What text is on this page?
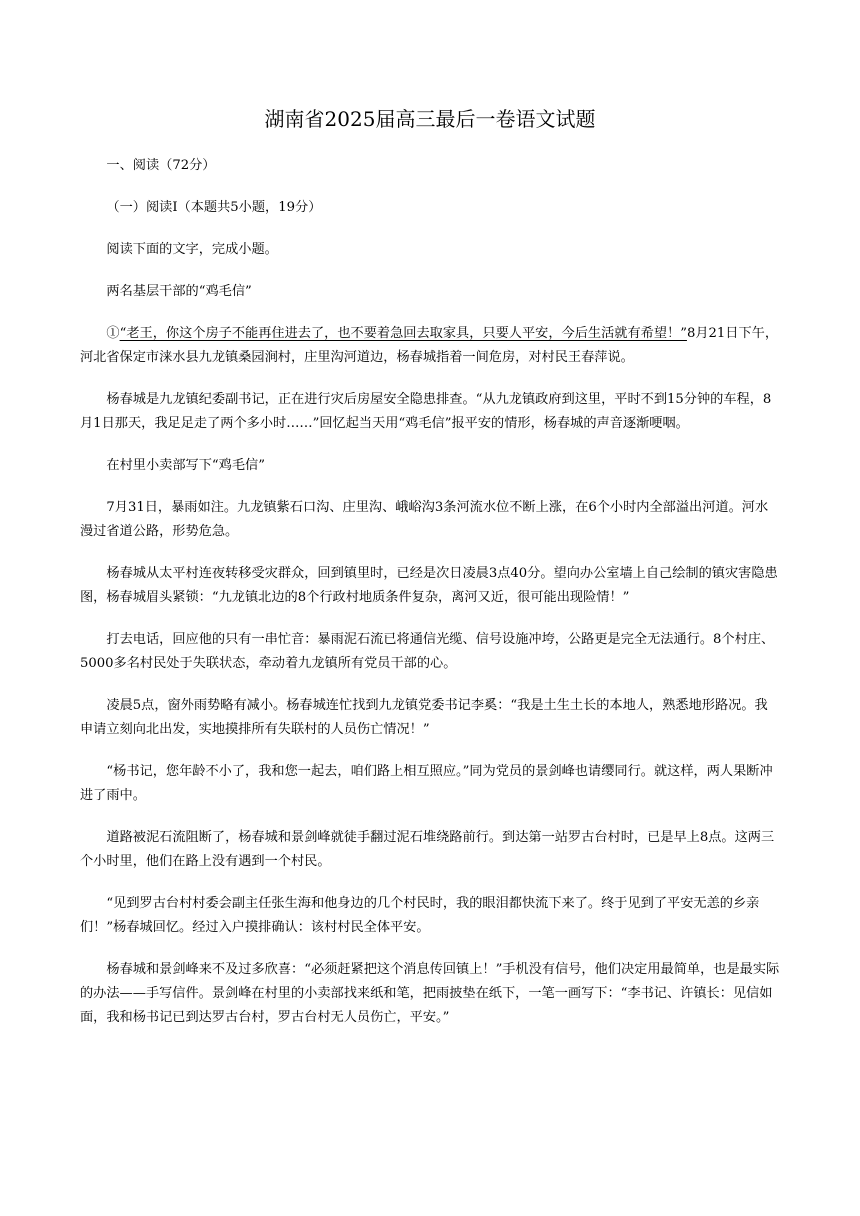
湖南省2025届高三最后一卷语文试题

一、阅读（72分）

（一）阅读Ⅰ（本题共5小题，19分）

阅读下面的文字，完成小题。

两名基层干部的“鸡毛信”

①“老王，你这个房子不能再住进去了，也不要着急回去取家具，只要人平安，今后生活就有希望！”8月21日下午，河北省保定市涞水县九龙镇桑园涧村，庄里沟河道边，杨春城指着一间危房，对村民王春萍说。

杨春城是九龙镇纪委副书记，正在进行灾后房屋安全隐患排查。“从九龙镇政府到这里，平时不到15分钟的车程，8月1日那天，我足足走了两个多小时……”回忆起当天用“鸡毛信”报平安的情形，杨春城的声音逐渐哽咽。

在村里小卖部写下“鸡毛信”

7月31日，暴雨如注。九龙镇紫石口沟、庄里沟、峨峪沟3条河流水位不断上涨，在6个小时内全部溢出河道。河水漫过省道公路，形势危急。

杨春城从太平村连夜转移受灾群众，回到镇里时，已经是次日凌晨3点40分。望向办公室墙上自己绘制的镇灾害隐患图，杨春城眉头紧锁：“九龙镇北边的8个行政村地质条件复杂，离河又近，很可能出现险情！”

打去电话，回应他的只有一串忙音：暴雨泥石流已将通信光缆、信号设施冲垮，公路更是完全无法通行。8个村庄、5000多名村民处于失联状态，牵动着九龙镇所有党员干部的心。

凌晨5点，窗外雨势略有减小。杨春城连忙找到九龙镇党委书记李奚：“我是土生土长的本地人，熟悉地形路况。我申请立刻向北出发，实地摸排所有失联村的人员伤亡情况！”

“杨书记，您年龄不小了，我和您一起去，咱们路上相互照应。”同为党员的景剑峰也请缨同行。就这样，两人果断冲进了雨中。

道路被泥石流阻断了，杨春城和景剑峰就徒手翻过泥石堆绕路前行。到达第一站罗古台村时，已是早上8点。这两三个小时里，他们在路上没有遇到一个村民。

“见到罗古台村村委会副主任张生海和他身边的几个村民时，我的眼泪都快流下来了。终于见到了平安无恙的乡亲们！”杨春城回忆。经过入户摸排确认：该村村民全体平安。

杨春城和景剑峰来不及过多欣喜：“必须赶紧把这个消息传回镇上！”手机没有信号，他们决定用最简单，也是最实际的办法——手写信件。景剑峰在村里的小卖部找来纸和笔，把雨披垫在纸下，一笔一画写下：“李书记、许镇长：见信如面，我和杨书记已到达罗古台村，罗古台村无人员伤亡，平安。”
